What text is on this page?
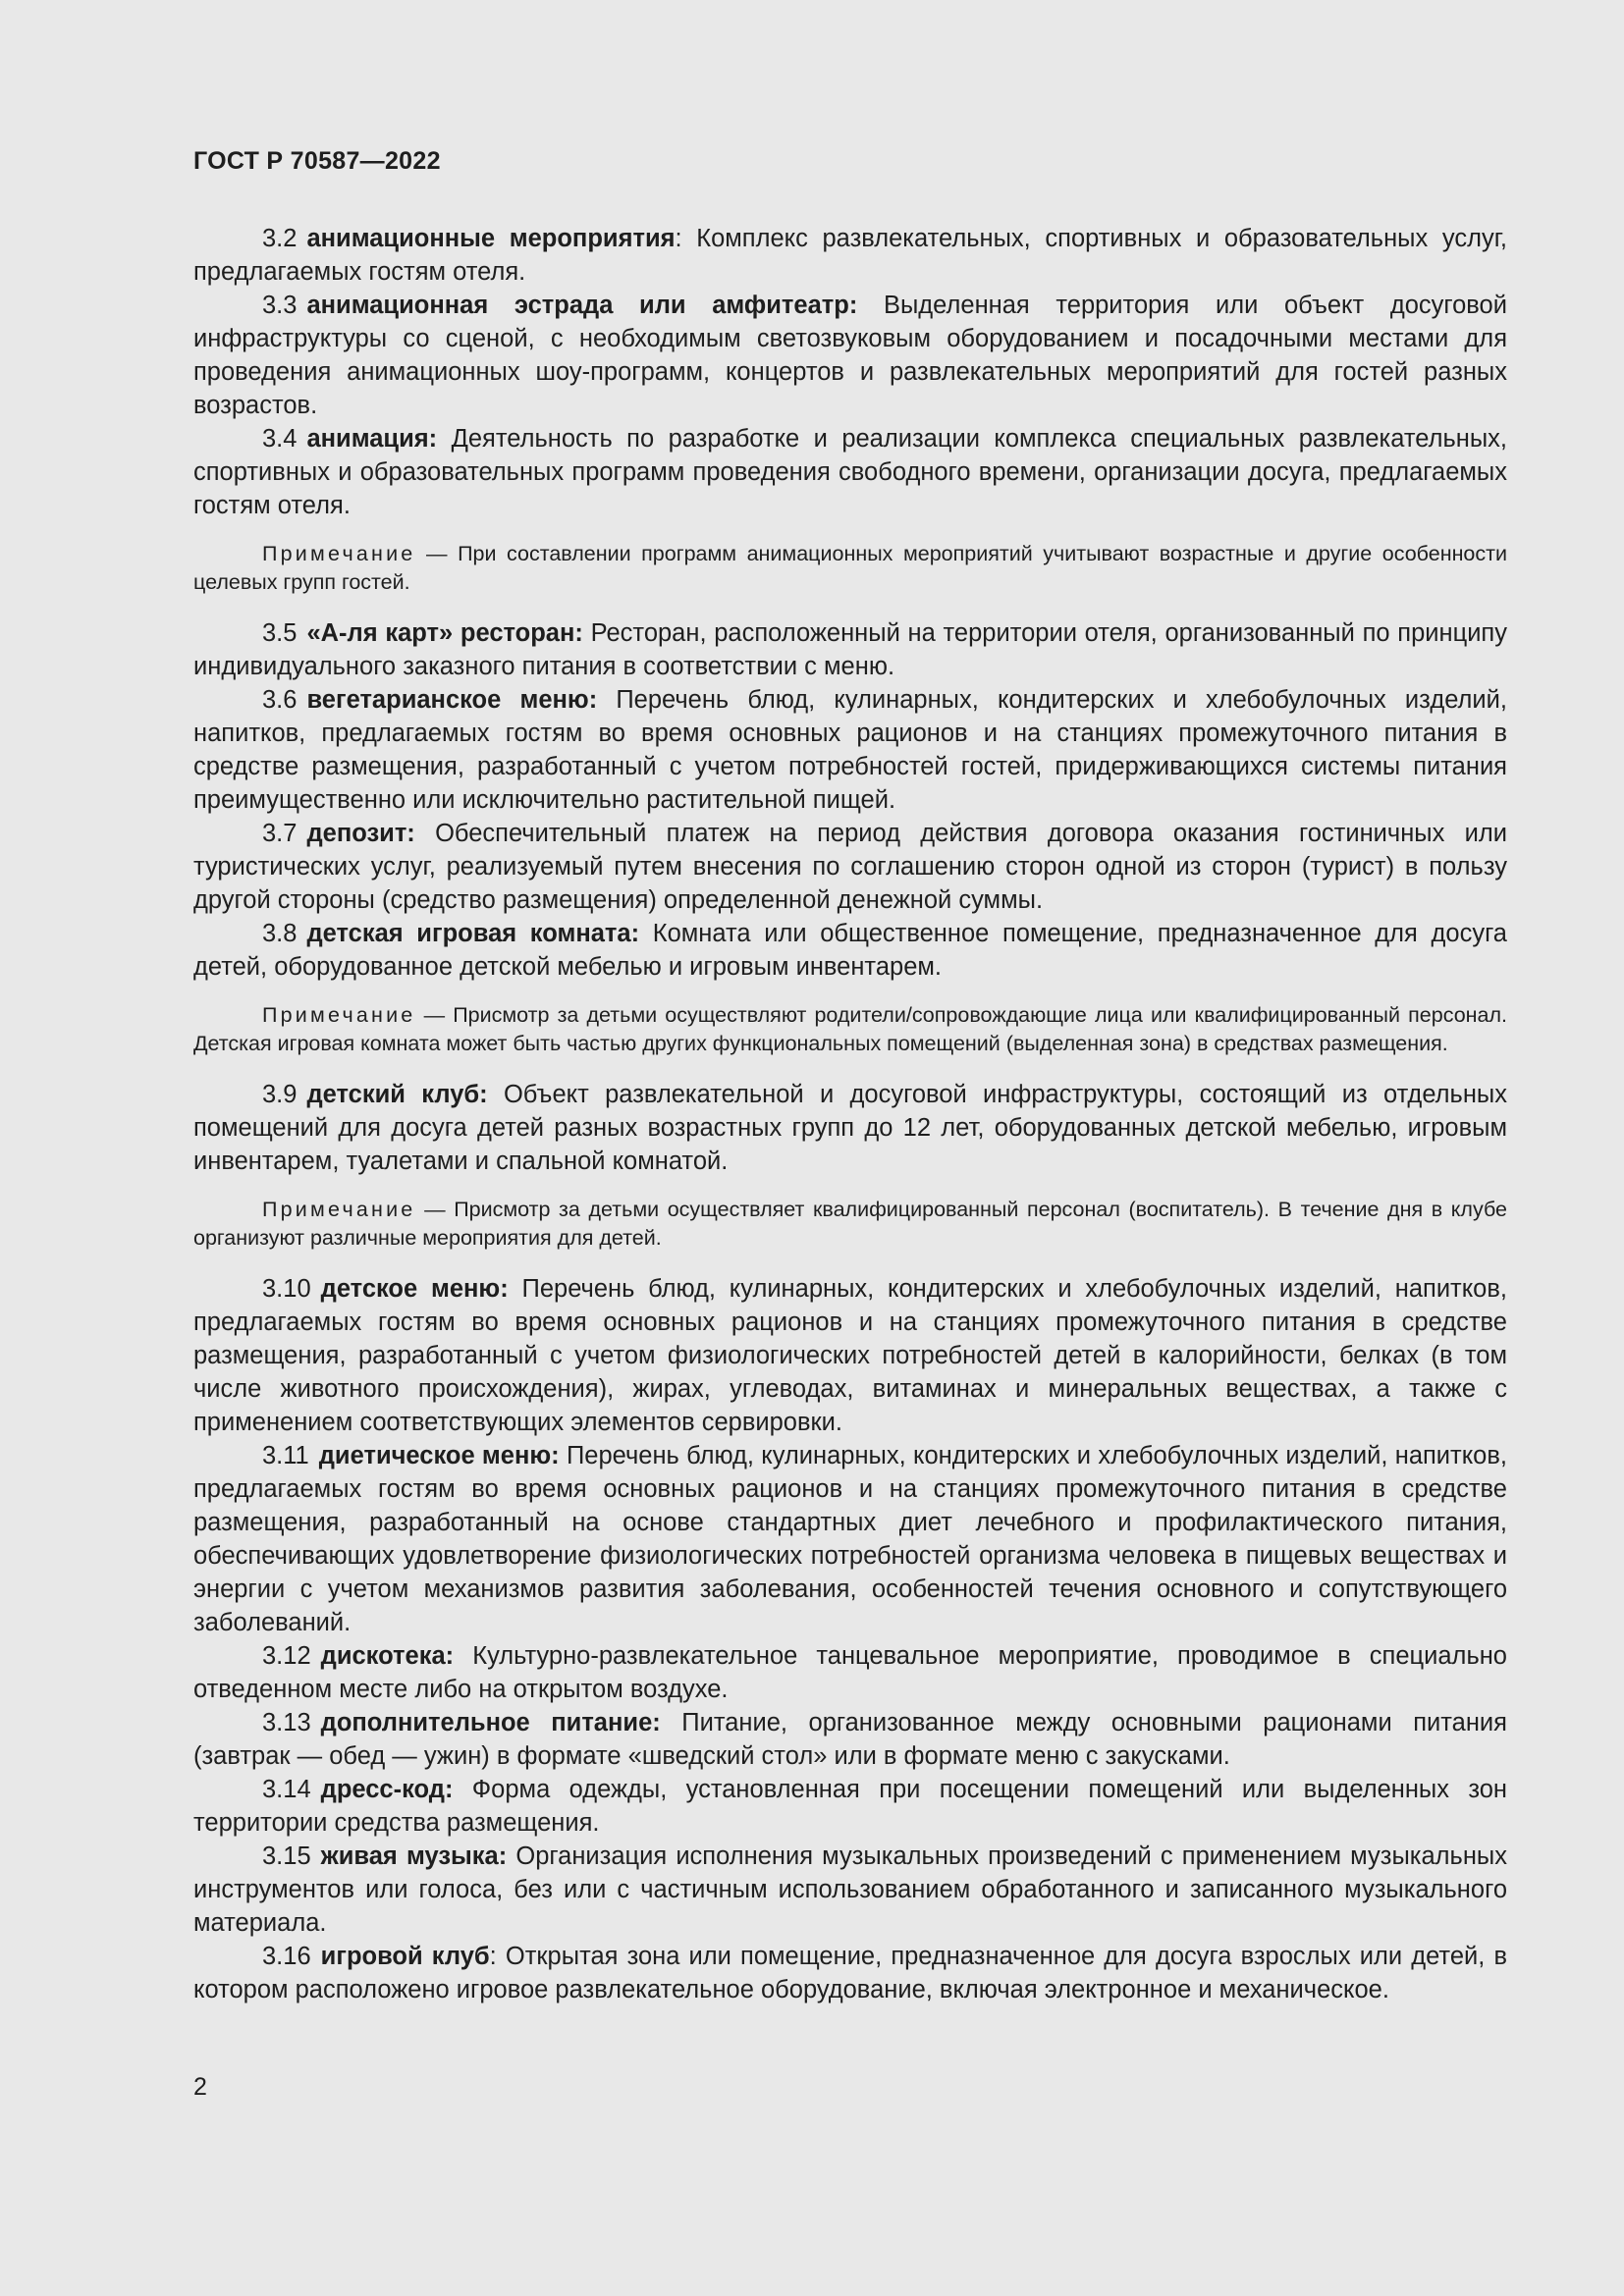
ГОСТ Р 70587—2022

3.2 анимационные мероприятия: Комплекс развлекательных, спортивных и образовательных услуг, предлагаемых гостям отеля.

3.3 анимационная эстрада или амфитеатр: Выделенная территория или объект досуговой инфраструктуры со сценой, с необходимым светозвуковым оборудованием и посадочными местами для проведения анимационных шоу-программ, концертов и развлекательных мероприятий для гостей разных возрастов.

3.4 анимация: Деятельность по разработке и реализации комплекса специальных развлекательных, спортивных и образовательных программ проведения свободного времени, организации досуга, предлагаемых гостям отеля.

Примечание — При составлении программ анимационных мероприятий учитывают возрастные и другие особенности целевых групп гостей.

3.5 «А-ля карт» ресторан: Ресторан, расположенный на территории отеля, организованный по принципу индивидуального заказного питания в соответствии с меню.

3.6 вегетарианское меню: Перечень блюд, кулинарных, кондитерских и хлебобулочных изделий, напитков, предлагаемых гостям во время основных рационов и на станциях промежуточного питания в средстве размещения, разработанный с учетом потребностей гостей, придерживающихся системы питания преимущественно или исключительно растительной пищей.

3.7 депозит: Обеспечительный платеж на период действия договора оказания гостиничных или туристических услуг, реализуемый путем внесения по соглашению сторон одной из сторон (турист) в пользу другой стороны (средство размещения) определенной денежной суммы.

3.8 детская игровая комната: Комната или общественное помещение, предназначенное для досуга детей, оборудованное детской мебелью и игровым инвентарем.

Примечание — Присмотр за детьми осуществляют родители/сопровождающие лица или квалифицированный персонал. Детская игровая комната может быть частью других функциональных помещений (выделенная зона) в средствах размещения.

3.9 детский клуб: Объект развлекательной и досуговой инфраструктуры, состоящий из отдельных помещений для досуга детей разных возрастных групп до 12 лет, оборудованных детской мебелью, игровым инвентарем, туалетами и спальной комнатой.

Примечание — Присмотр за детьми осуществляет квалифицированный персонал (воспитатель). В течение дня в клубе организуют различные мероприятия для детей.

3.10 детское меню: Перечень блюд, кулинарных, кондитерских и хлебобулочных изделий, напитков, предлагаемых гостям во время основных рационов и на станциях промежуточного питания в средстве размещения, разработанный с учетом физиологических потребностей детей в калорийности, белках (в том числе животного происхождения), жирах, углеводах, витаминах и минеральных веществах, а также с применением соответствующих элементов сервировки.

3.11 диетическое меню: Перечень блюд, кулинарных, кондитерских и хлебобулочных изделий, напитков, предлагаемых гостям во время основных рационов и на станциях промежуточного питания в средстве размещения, разработанный на основе стандартных диет лечебного и профилактического питания, обеспечивающих удовлетворение физиологических потребностей организма человека в пищевых веществах и энергии с учетом механизмов развития заболевания, особенностей течения основного и сопутствующего заболеваний.

3.12 дискотека: Культурно-развлекательное танцевальное мероприятие, проводимое в специально отведенном месте либо на открытом воздухе.

3.13 дополнительное питание: Питание, организованное между основными рационами питания (завтрак — обед — ужин) в формате «шведский стол» или в формате меню с закусками.

3.14 дресс-код: Форма одежды, установленная при посещении помещений или выделенных зон территории средства размещения.

3.15 живая музыка: Организация исполнения музыкальных произведений с применением музыкальных инструментов или голоса, без или с частичным использованием обработанного и записанного музыкального материала.

3.16 игровой клуб: Открытая зона или помещение, предназначенное для досуга взрослых или детей, в котором расположено игровое развлекательное оборудование, включая электронное и механическое.

2
